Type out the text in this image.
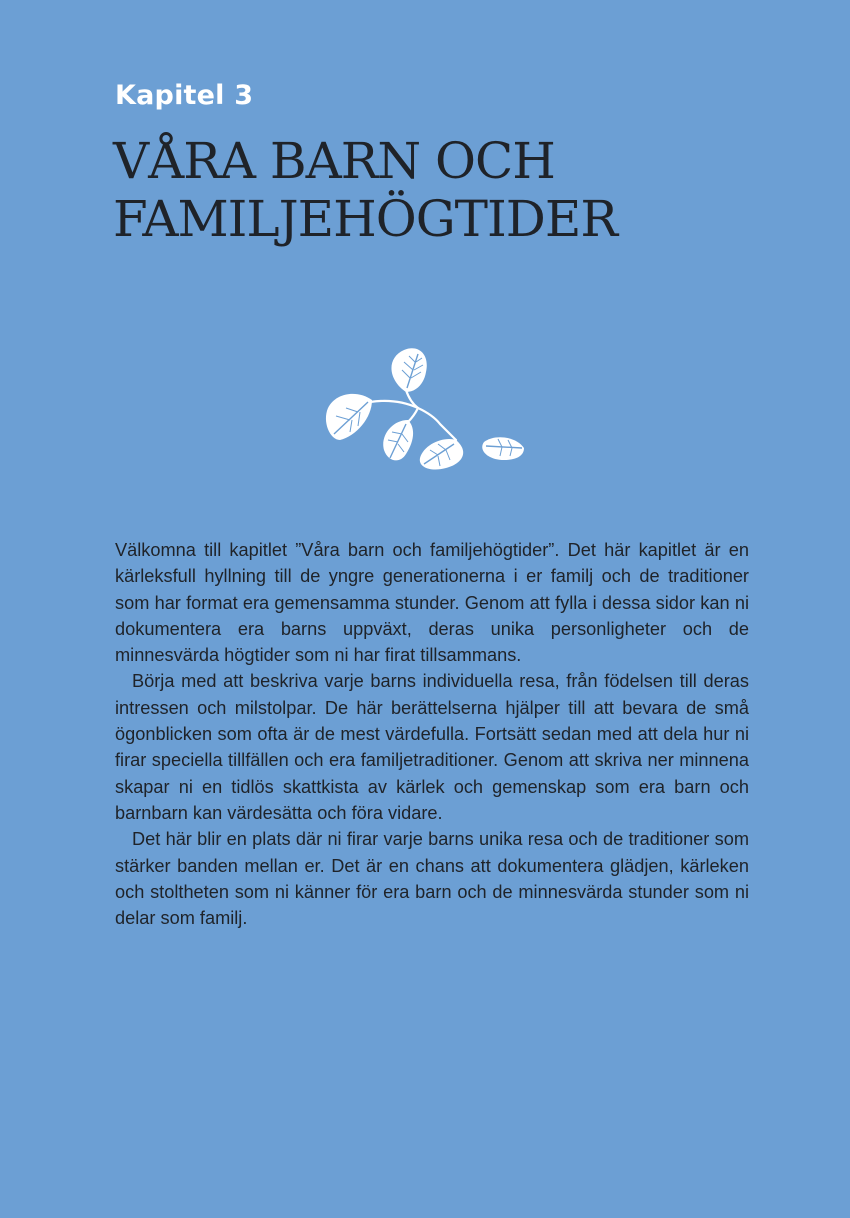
Kapitel 3
VÅRA BARN OCH
FAMILJEHÖGTIDER

Välkomna till kapitlet ”Våra barn och familjehögtider”. Det här kapitlet är en kärleksfull hyllning till de yngre generationerna i er familj och de traditioner som har format era gemensamma stunder. Genom att fylla i dessa sidor kan ni dokumentera era barns uppväxt, deras unika personligheter och de minnesvärda högtider som ni har firat tillsammans.

Börja med att beskriva varje barns individuella resa, från födelsen till deras intressen och milstolpar. De här berättelserna hjälper till att bevara de små ögonblicken som ofta är de mest värdefulla. Fortsätt sedan med att dela hur ni firar speciella tillfällen och era familjetraditioner. Genom att skriva ner minnena skapar ni en tidlös skattkista av kärlek och gemenskap som era barn och barnbarn kan värdesätta och föra vidare.

Det här blir en plats där ni firar varje barns unika resa och de traditioner som stärker banden mellan er. Det är en chans att dokumentera glädjen, kärleken och stoltheten som ni känner för era barn och de minnesvärda stunder som ni delar som familj.
